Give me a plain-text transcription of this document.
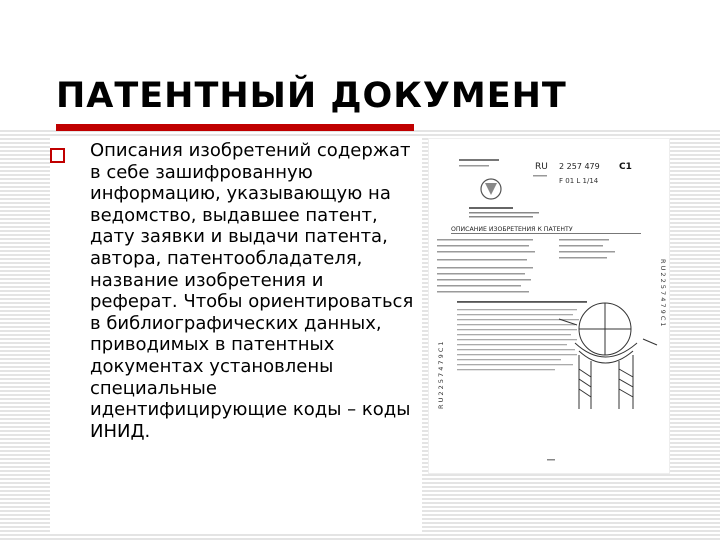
ПАТЕНТНЫЙ ДОКУМЕНТ

Описания изобретений содержат в себе зашифрованную информацию, указывающую на ведомство, выдавшее патент, дату заявки и выдачи патента, автора, патентообладателя, название изобретения и реферат. Чтобы ориентироваться в библиографических данных, приводимых в патентных документах установлены специальные идентифицирующие коды – коды ИНИД.

RU 2 257 479 C1
F 01 L 1/14
ОПИСАНИЕ ИЗОБРЕТЕНИЯ К ПАТЕНТУ
R U 2 2 5 7 4 7 9 C 1
R U 2 2 5 7 4 7 9 C 1
